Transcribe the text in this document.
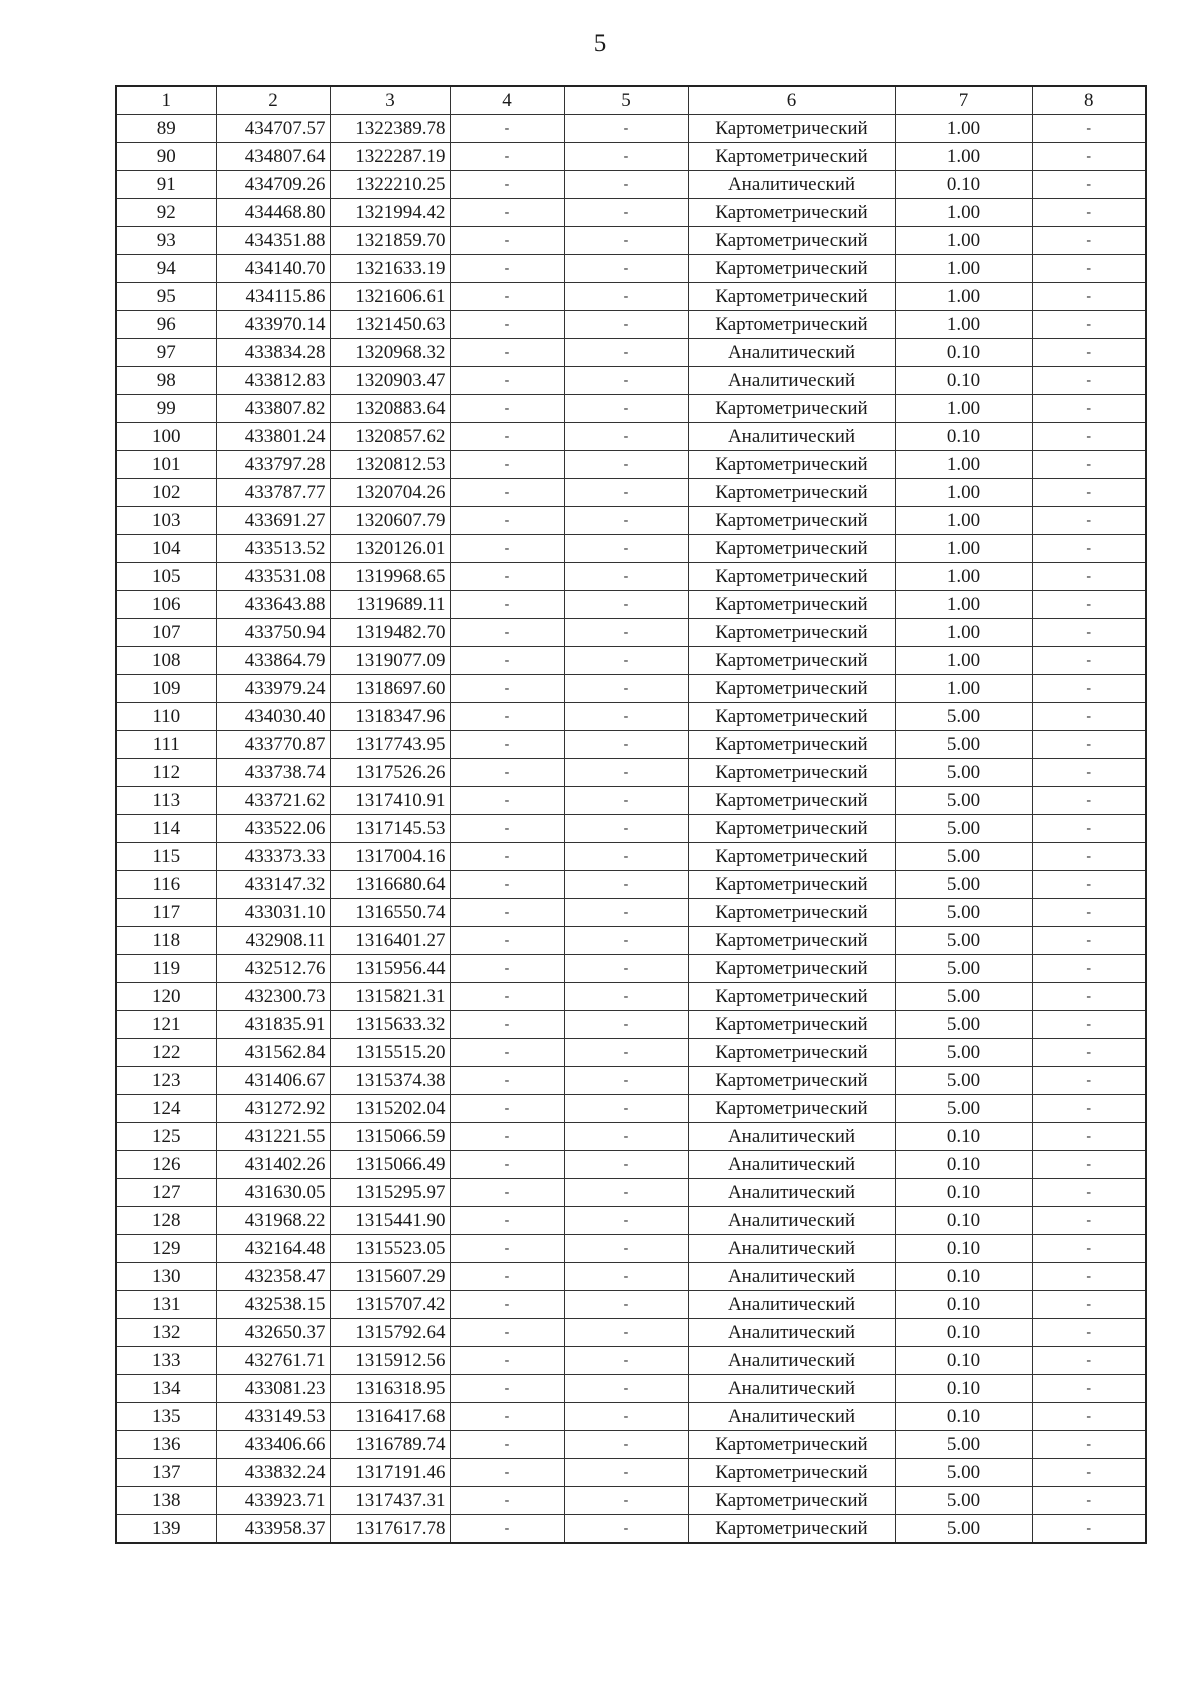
5
1	2	3	4	5	6	7	8
89	434707.57	1322389.78	-	-	Картометрический	1.00	-
90	434807.64	1322287.19	-	-	Картометрический	1.00	-
91	434709.26	1322210.25	-	-	Аналитический	0.10	-
92	434468.80	1321994.42	-	-	Картометрический	1.00	-
93	434351.88	1321859.70	-	-	Картометрический	1.00	-
94	434140.70	1321633.19	-	-	Картометрический	1.00	-
95	434115.86	1321606.61	-	-	Картометрический	1.00	-
96	433970.14	1321450.63	-	-	Картометрический	1.00	-
97	433834.28	1320968.32	-	-	Аналитический	0.10	-
98	433812.83	1320903.47	-	-	Аналитический	0.10	-
99	433807.82	1320883.64	-	-	Картометрический	1.00	-
100	433801.24	1320857.62	-	-	Аналитический	0.10	-
101	433797.28	1320812.53	-	-	Картометрический	1.00	-
102	433787.77	1320704.26	-	-	Картометрический	1.00	-
103	433691.27	1320607.79	-	-	Картометрический	1.00	-
104	433513.52	1320126.01	-	-	Картометрический	1.00	-
105	433531.08	1319968.65	-	-	Картометрический	1.00	-
106	433643.88	1319689.11	-	-	Картометрический	1.00	-
107	433750.94	1319482.70	-	-	Картометрический	1.00	-
108	433864.79	1319077.09	-	-	Картометрический	1.00	-
109	433979.24	1318697.60	-	-	Картометрический	1.00	-
110	434030.40	1318347.96	-	-	Картометрический	5.00	-
111	433770.87	1317743.95	-	-	Картометрический	5.00	-
112	433738.74	1317526.26	-	-	Картометрический	5.00	-
113	433721.62	1317410.91	-	-	Картометрический	5.00	-
114	433522.06	1317145.53	-	-	Картометрический	5.00	-
115	433373.33	1317004.16	-	-	Картометрический	5.00	-
116	433147.32	1316680.64	-	-	Картометрический	5.00	-
117	433031.10	1316550.74	-	-	Картометрический	5.00	-
118	432908.11	1316401.27	-	-	Картометрический	5.00	-
119	432512.76	1315956.44	-	-	Картометрический	5.00	-
120	432300.73	1315821.31	-	-	Картометрический	5.00	-
121	431835.91	1315633.32	-	-	Картометрический	5.00	-
122	431562.84	1315515.20	-	-	Картометрический	5.00	-
123	431406.67	1315374.38	-	-	Картометрический	5.00	-
124	431272.92	1315202.04	-	-	Картометрический	5.00	-
125	431221.55	1315066.59	-	-	Аналитический	0.10	-
126	431402.26	1315066.49	-	-	Аналитический	0.10	-
127	431630.05	1315295.97	-	-	Аналитический	0.10	-
128	431968.22	1315441.90	-	-	Аналитический	0.10	-
129	432164.48	1315523.05	-	-	Аналитический	0.10	-
130	432358.47	1315607.29	-	-	Аналитический	0.10	-
131	432538.15	1315707.42	-	-	Аналитический	0.10	-
132	432650.37	1315792.64	-	-	Аналитический	0.10	-
133	432761.71	1315912.56	-	-	Аналитический	0.10	-
134	433081.23	1316318.95	-	-	Аналитический	0.10	-
135	433149.53	1316417.68	-	-	Аналитический	0.10	-
136	433406.66	1316789.74	-	-	Картометрический	5.00	-
137	433832.24	1317191.46	-	-	Картометрический	5.00	-
138	433923.71	1317437.31	-	-	Картометрический	5.00	-
139	433958.37	1317617.78	-	-	Картометрический	5.00	-
